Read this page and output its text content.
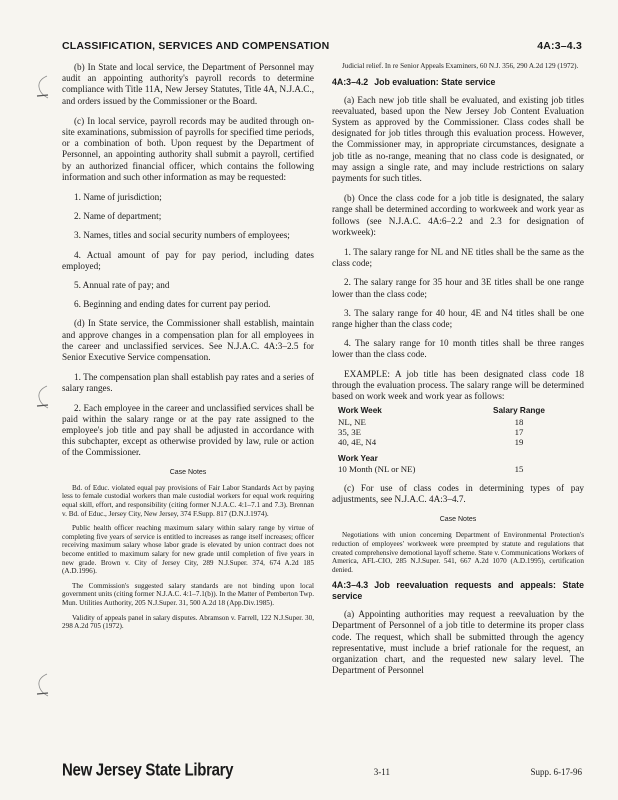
CLASSIFICATION, SERVICES AND COMPENSATION	4A:3–4.3

(b) In State and local service, the Department of Personnel may audit an appointing authority's payroll records to determine compliance with Title 11A, New Jersey Statutes, Title 4A, N.J.A.C., and orders issued by the Commissioner or the Board.

(c) In local service, payroll records may be audited through on-site examinations, submission of payrolls for specified time periods, or a combination of both. Upon request by the Department of Personnel, an appointing authority shall submit a payroll, certified by an authorized financial officer, which contains the following information and such other information as may be requested:

1. Name of jurisdiction;
2. Name of department;
3. Names, titles and social security numbers of employees;
4. Actual amount of pay for pay period, including dates employed;
5. Annual rate of pay; and
6. Beginning and ending dates for current pay period.

(d) In State service, the Commissioner shall establish, maintain and approve changes in a compensation plan for all employees in the career and unclassified services. See N.J.A.C. 4A:3–2.5 for Senior Executive Service compensation.

1. The compensation plan shall establish pay rates and a series of salary ranges.
2. Each employee in the career and unclassified services shall be paid within the salary range or at the pay rate assigned to the employee's job title and pay shall be adjusted in accordance with this subchapter, except as otherwise provided by law, rule or action of the Commissioner.
Case Notes
Bd. of Educ. violated equal pay provisions of Fair Labor Standards Act by paying less to female custodial workers than male custodial workers for equal work requiring equal skill, effort, and responsibility (citing former N.J.A.C. 4:1–7.1 and 7.3). Brennan v. Bd. of Educ., Jersey City, New Jersey, 374 F.Supp. 817 (D.N.J.1974).
Public health officer reaching maximum salary within salary range by virtue of completing five years of service is entitled to increases as range itself increases; officer receiving maximum salary whose labor grade is elevated by union contract does not become entitled to maximum salary for new grade until completion of five years in new grade. Brown v. City of Jersey City, 289 N.J.Super. 374, 674 A.2d 185 (A.D.1996).
The Commission's suggested salary standards are not binding upon local government units (citing former N.J.A.C. 4:1–7.1(b)). In the Matter of Pemberton Twp. Mun. Utilities Authority, 205 N.J.Super. 31, 500 A.2d 18 (App.Div.1985).
Validity of appeals panel in salary disputes. Abramson v. Farrell, 122 N.J.Super. 30, 298 A.2d 705 (1972).
Judicial relief. In re Senior Appeals Examiners, 60 N.J. 356, 290 A.2d 129 (1972).
4A:3–4.2 Job evaluation: State service

(a) Each new job title shall be evaluated, and existing job titles reevaluated, based upon the New Jersey Job Content Evaluation System as approved by the Commissioner. Class codes shall be designated for job titles through this evaluation process. However, the Commissioner may, in appropriate circumstances, designate a job title as no-range, meaning that no class code is designated, or may assign a single rate, and may include restrictions on salary payments for such titles.

(b) Once the class code for a job title is designated, the salary range shall be determined according to workweek and work year as follows (see N.J.A.C. 4A:6–2.2 and 2.3 for designation of workweek):

1. The salary range for NL and NE titles shall be the same as the class code;
2. The salary range for 35 hour and 3E titles shall be one range lower than the class code;
3. The salary range for 40 hour, 4E and N4 titles shall be one range higher than the class code;
4. The salary range for 10 month titles shall be three ranges lower than the class code.
EXAMPLE: A job title has been designated class code 18 through the evaluation process. The salary range will be determined based on work week and work year as follows:
Work Week	Salary Range
NL, NE	18
35, 3E	17
40, 4E, N4	19
Work Year
10 Month (NL or NE)	15

(c) For use of class codes in determining types of pay adjustments, see N.J.A.C. 4A:3–4.7.

Case Notes
Negotiations with union concerning Department of Environmental Protection's reduction of employees' workweek were preempted by statute and regulations that created comprehensive demotional layoff scheme. State v. Communications Workers of America, AFL-CIO, 285 N.J.Super. 541, 667 A.2d 1070 (A.D.1995), certification denied.
4A:3–4.3 Job reevaluation requests and appeals: State service

(a) Appointing authorities may request a reevaluation by the Department of Personnel of a job title to determine its proper class code. The request, which shall be submitted through the agency representative, must include a brief rationale for the request, an organization chart, and the requested new salary level. The Department of Personnel

New Jersey State Library	3-11	Supp. 6-17-96
